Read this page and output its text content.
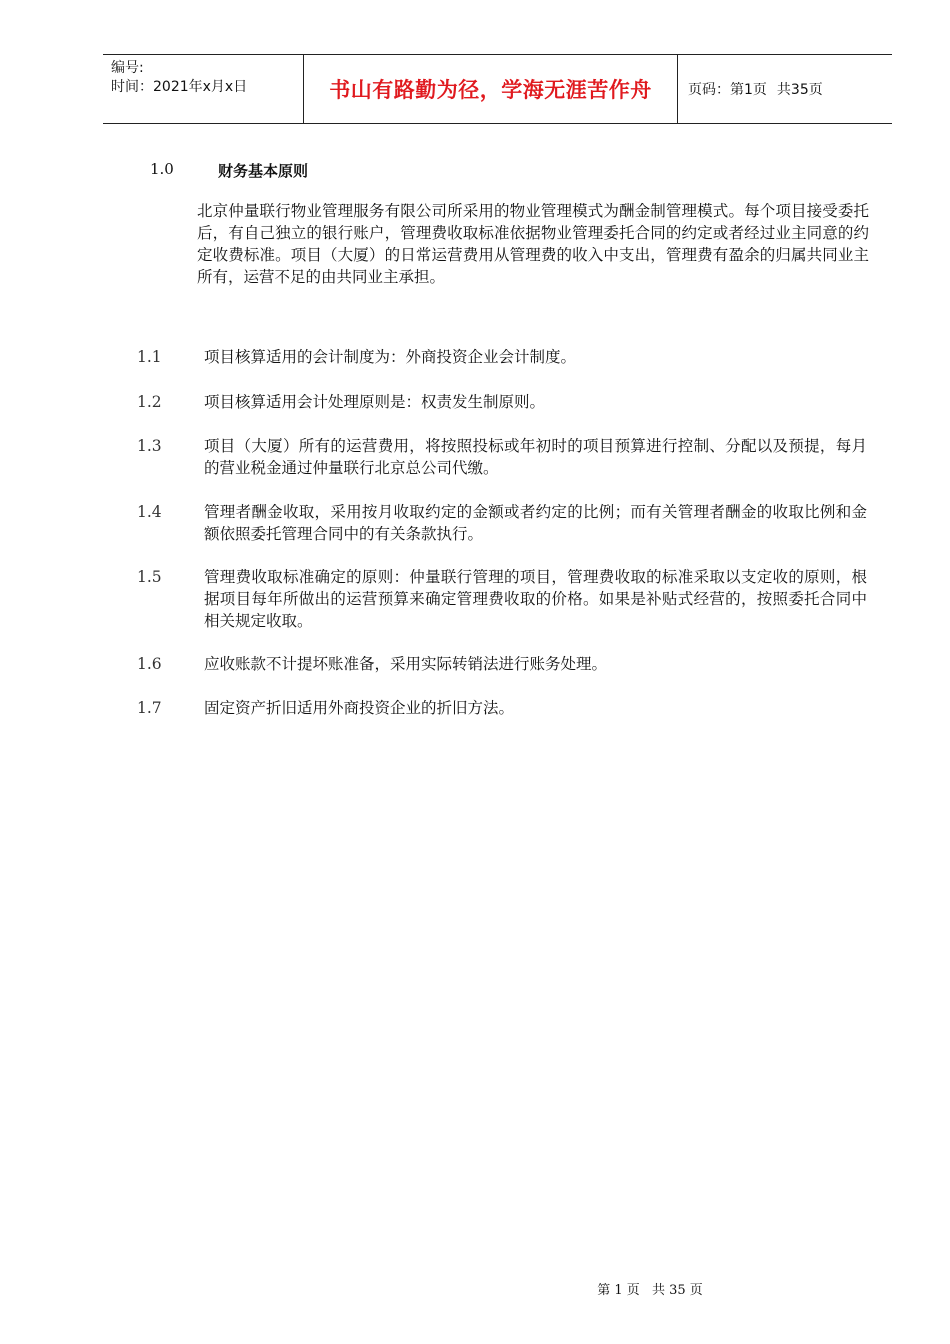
编号:
时间：2021年x月x日	书山有路勤为径，学海无涯苦作舟	页码：第1页 共35页
1.0	财务基本原则
北京仲量联行物业管理服务有限公司所采用的物业管理模式为酬金制管理模式。每个项目接受委托后，有自己独立的银行账户，管理费收取标准依据物业管理委托合同的约定或者经过业主同意的约定收费标准。项目（大厦）的日常运营费用从管理费的收入中支出，管理费有盈余的归属共同业主所有，运营不足的由共同业主承担。
1.1	项目核算适用的会计制度为：外商投资企业会计制度。
1.2	项目核算适用会计处理原则是：权责发生制原则。
1.3	项目（大厦）所有的运营费用，将按照投标或年初时的项目预算进行控制、分配以及预提，每月的营业税金通过仲量联行北京总公司代缴。
1.4	管理者酬金收取，采用按月收取约定的金额或者约定的比例；而有关管理者酬金的收取比例和金额依照委托管理合同中的有关条款执行。
1.5	管理费收取标准确定的原则：仲量联行管理的项目，管理费收取的标准采取以支定收的原则，根据项目每年所做出的运营预算来确定管理费收取的价格。如果是补贴式经营的，按照委托合同中相关规定收取。
1.6	应收账款不计提坏账准备，采用实际转销法进行账务处理。
1.7	固定资产折旧适用外商投资企业的折旧方法。
第 1 页 共 35 页
